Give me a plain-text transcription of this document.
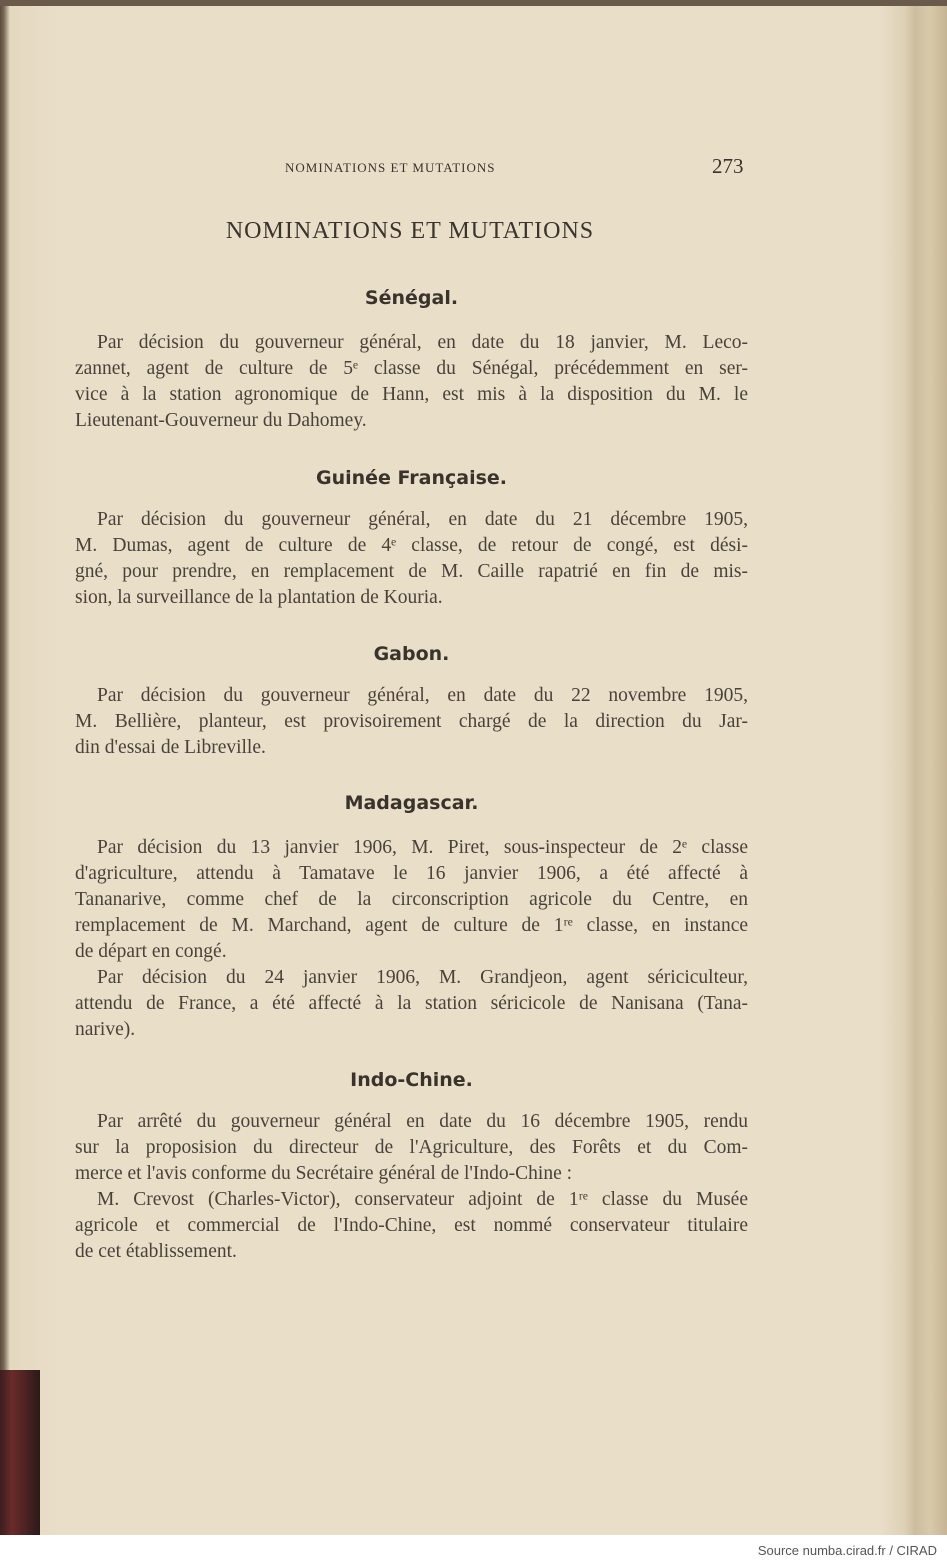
NOMINATIONS ET MUTATIONS	273
NOMINATIONS ET MUTATIONS
Sénégal.
Par décision du gouverneur général, en date du 18 janvier, M. Leco-
zannet, agent de culture de 5ᵉ classe du Sénégal, précédemment en ser-
vice à la station agronomique de Hann, est mis à la disposition du M. le
Lieutenant-Gouverneur du Dahomey.
Guinée Française.
Par décision du gouverneur général, en date du 21 décembre 1905,
M. Dumas, agent de culture de 4ᵉ classe, de retour de congé, est dési-
gné, pour prendre, en remplacement de M. Caille rapatrié en fin de mis-
sion, la surveillance de la plantation de Kouria.
Gabon.
Par décision du gouverneur général, en date du 22 novembre 1905,
M. Bellière, planteur, est provisoirement chargé de la direction du Jar-
din d'essai de Libreville.
Madagascar.
Par décision du 13 janvier 1906, M. Piret, sous-inspecteur de 2ᵉ classe
d'agriculture, attendu à Tamatave le 16 janvier 1906, a été affecté à
Tananarive, comme chef de la circonscription agricole du Centre, en
remplacement de M. Marchand, agent de culture de 1ʳᵉ classe, en instance
de départ en congé.
Par décision du 24 janvier 1906, M. Grandjeon, agent sériciculteur,
attendu de France, a été affecté à la station séricicole de Nanisana (Tana-
narive).
Indo-Chine.
Par arrêté du gouverneur général en date du 16 décembre 1905, rendu
sur la proposision du directeur de l'Agriculture, des Forêts et du Com-
merce et l'avis conforme du Secrétaire général de l'Indo-Chine :
M. Crevost (Charles-Victor), conservateur adjoint de 1ʳᵉ classe du Musée
agricole et commercial de l'Indo-Chine, est nommé conservateur titulaire
de cet établissement.
Source numba.cirad.fr / CIRAD
